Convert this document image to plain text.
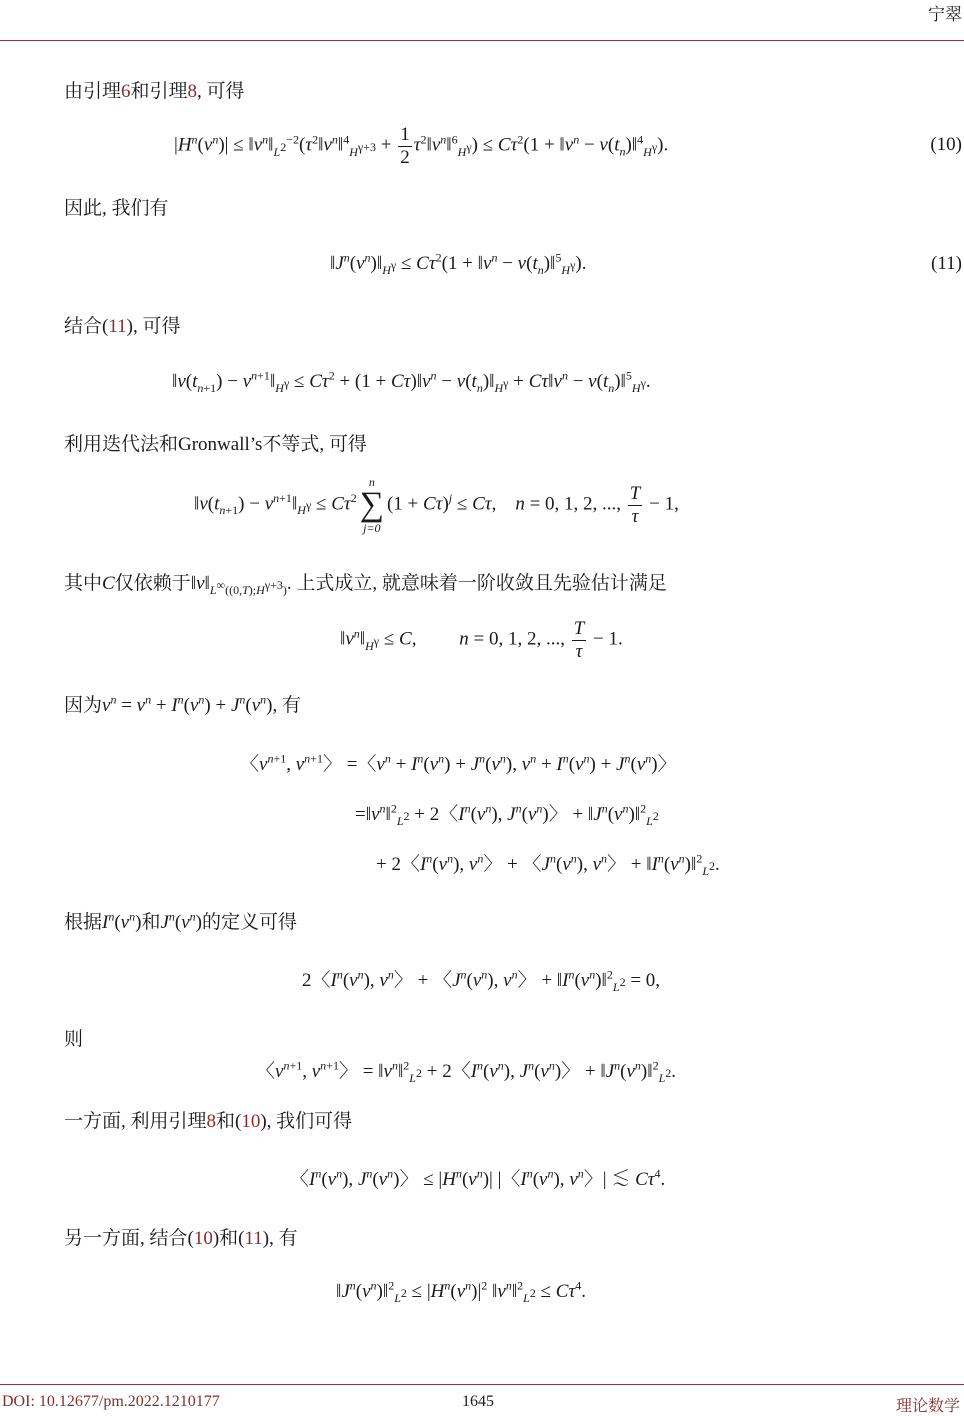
宁翠
由引理6和引理8, 可得
$|H^n(v^n)|$ ≤ $‖v^n‖_{L^2}^{-2}(\tau^2‖v^n‖^4_{H^{\gamma+3}} + \frac{1}{2}$ $\tau^2‖v^n‖^6_{H^\gamma}) \le C\tau^2(1$ + $‖v^n$ − $v(t_n)‖^4_{H^\gamma}$).	(10)
因此, 我们有
$‖J^n(v^n)‖_{H^\gamma} \le C\tau^2(1$ + $‖v^n$ − $v(t_n)‖^5_{H^\gamma}$).	(11)
结合(11), 可得
$‖v(t_{n+1})$ − $v^{n+1}‖_{H^\gamma} \le C\tau^2 + (1$ + $C\tau)‖v^n$ − $v(t_n)‖_{H^\gamma}$ + $C\tau‖v^n$ − $v(t_n)‖^5_{H^\gamma}$.
利用迭代法和Gronwall’s不等式, 可得
$‖v(t_{n+1})$ − $v^{n+1}‖_{H^\gamma} \le C\tau^2$
n
∑
j=0
$(1 + C\tau)^j \le C\tau$,    n = 0, 1, 2, ..., $\frac{T}{\tau} - 1$,
其中C仅依赖于$‖v‖_{L^\infty((0,T);H^{\gamma+3})}$. 上式成立, 就意味着一阶收敛且先验估计满足
$‖v^n‖_{H^\gamma} \le C$,         n = 0, 1, 2, ..., $\frac{T}{\tau} - 1$.
因为$v^n = v^n + I^n(v^n) + J^n(v^n)$, 有
〈$v^{n+1}$, $v^{n+1}$〉 =〈$v^n + I^n(v^n) + J^n(v^n)$, $v^n + I^n(v^n) + J^n(v^n)$〉
$=‖v^n‖^2_{L^2} + 2$〈$I^n(v^n)$, $J^n(v^n)$〉 + $‖J^n(v^n)‖^2_{L^2}$
+ 2〈$I^n(v^n)$, $v^n$〉 + 〈$J^n(v^n)$, $v^n$〉 + $‖I^n(v^n)‖^2_{L^2}$.
根据$I^n(v^n)$和$J^n(v^n)$的定义可得
2〈$I^n(v^n)$, $v^n$〉 + 〈$J^n(v^n)$, $v^n$〉 + $‖I^n(v^n)‖^2_{L^2} = 0$,
则
〈$v^{n+1}$, $v^{n+1}$〉 = $‖v^n‖^2_{L^2} + 2$〈$I^n(v^n)$, $J^n(v^n)$〉 + $‖J^n(v^n)‖^2_{L^2}$.
一方面, 利用引理8和(10), 我们可得
〈$I^n(v^n)$, $J^n(v^n)$〉 ≤ $|H^n(v^n)|$ |〈$I^n(v^n)$, $v^n$〉| ≲ $C\tau^4$.
另一方面, 结合(10)和(11), 有
$‖J^n(v^n)‖^2_{L^2} \le |H^n(v^n)|^2$ $‖v^n‖^2_{L^2} \le C\tau^4$.
DOI: 10.12677/pm.2022.1210177	1645	理论数学
